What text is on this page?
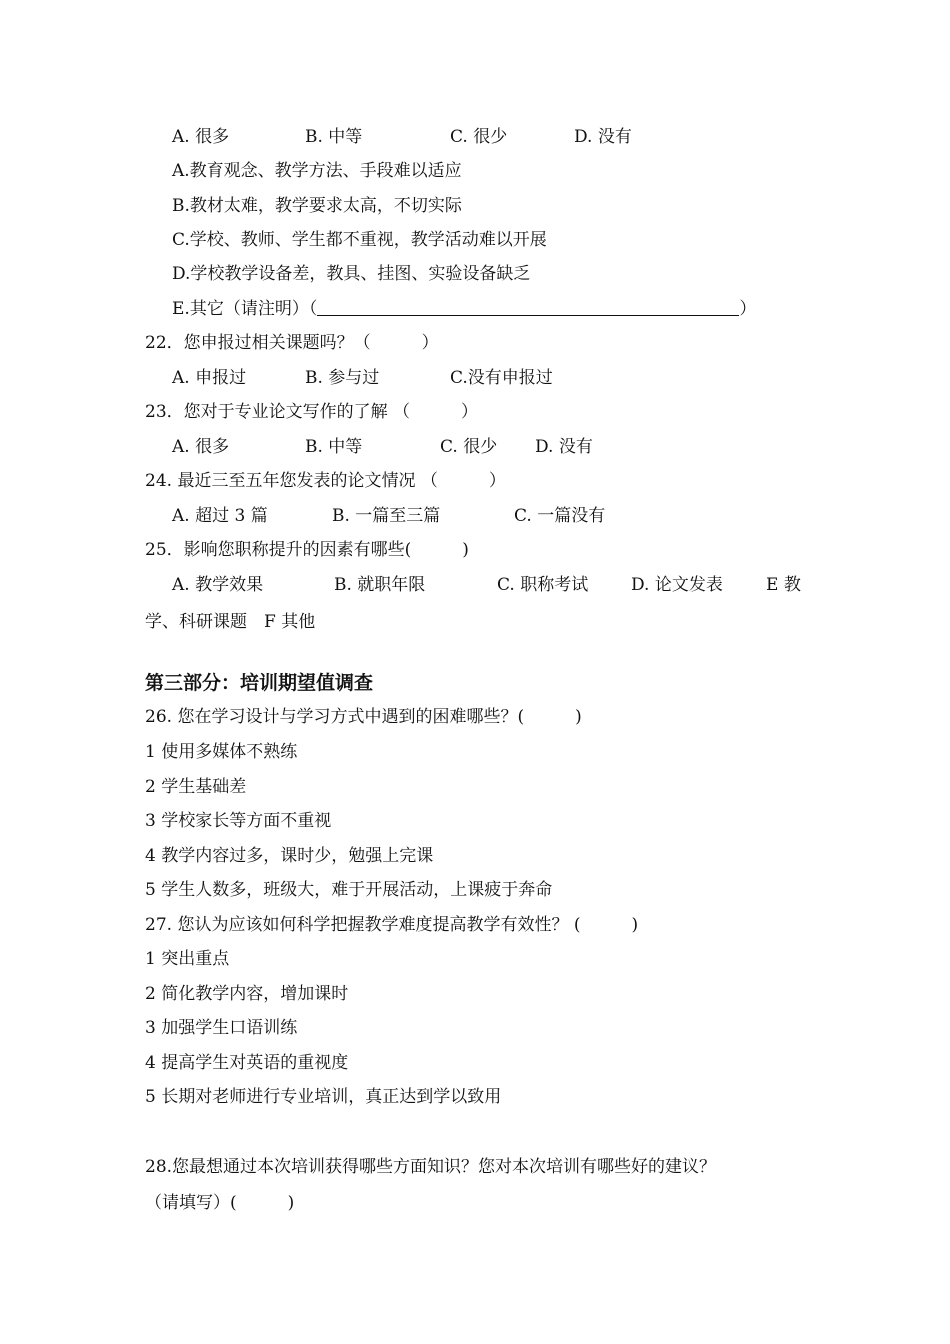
A. 很多	B. 中等	C. 很少	D. 没有
A.教育观念、教学方法、手段难以适应
B.教材太难，教学要求太高，不切实际
C.学校、教师、学生都不重视，教学活动难以开展
D.学校教学设备差，教具、挂图、实验设备缺乏
E.其它（请注明）（	）
22．您申报过相关课题吗？（　　　）
A. 申报过	B. 参与过	C.没有申报过
23．您对于专业论文写作的了解 （　　　）
A. 很多	B. 中等	C. 很少 D. 没有
24. 最近三至五年您发表的论文情况 （　　　）
A. 超过 3 篇	B. 一篇至三篇	C. 一篇没有
25．影响您职称提升的因素有哪些(　　　)
A. 教学效果	B. 就职年限	C. 职称考试	D. 论文发表	E 教
学、科研课题　F 其他
第三部分：培训期望值调查
26. 您在学习设计与学习方式中遇到的困难哪些？(　　　)
1 使用多媒体不熟练
2 学生基础差
3 学校家长等方面不重视
4 教学内容过多，课时少，勉强上完课
5 学生人数多，班级大，难于开展活动，上课疲于奔命
27. 您认为应该如何科学把握教学难度提高教学有效性？ (　　　)
1 突出重点
2 简化教学内容，增加课时
3 加强学生口语训练
4 提高学生对英语的重视度
5 长期对老师进行专业培训，真正达到学以致用
28.您最想通过本次培训获得哪些方面知识？您对本次培训有哪些好的建议？
（请填写）(　　　)
